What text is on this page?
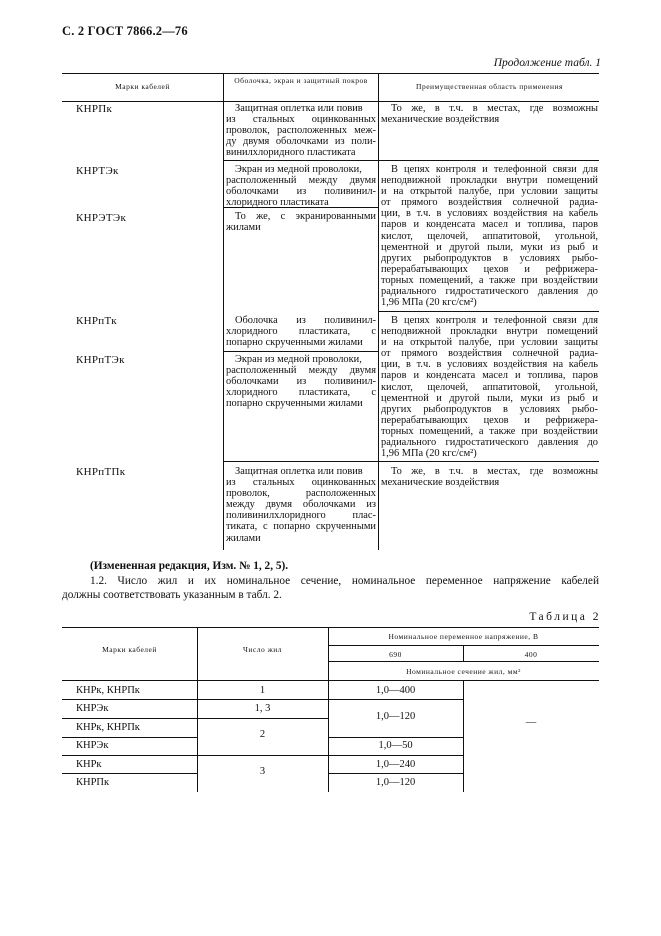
С. 2 ГОСТ 7866.2—76
Продолжение табл. 1
Марки кабелей
Оболочка, экран и защитный покров
Преимущественная область применения
КНРПк
КНРТЭк
КНРЭТЭк
КНРпТк
КНРпТЭк
КНРпТПк
Защитная оплетка или повив
из стальных оцинкованных
проволок, расположенных меж-
ду двумя оболочками из поли-
винилхлоридного пластиката
Экран из медной проволоки,
расположенный между двумя
оболочками из поливинил-
хлоридного пластиката
То же, с экранированными
жилами
Оболочка из поливинил-
хлоридного пластиката, с
попарно скрученными жилами
Экран из медной проволоки,
расположенный между двумя
оболочками из поливинил-
хлоридного пластиката, с
попарно скрученными жилами
Защитная оплетка или повив
из стальных оцинкованных
проволок, расположенных
между двумя оболочками из
поливинилхлоридного плас-
тиката, с попарно скрученными
жилами
То же, в т.ч. в местах, где возможны
механические воздействия
В цепях контроля и телефонной связи для
неподвижной прокладки внутри помещений
и на открытой палубе, при условии защиты
от прямого воздействия солнечной радиа-
ции, в т.ч. в условиях воздействия на кабель
паров и конденсата масел и топлива, паров
кислот, щелочей, аппатитовой, угольной,
цементной и другой пыли, муки из рыб и
других рыбопродуктов в условиях рыбо-
перерабатывающих цехов и рефрижера-
торных помещений, а также при воздействии
радиального гидростатического давления до
1,96 МПа (20 кгс/см²)
В цепях контроля и телефонной связи для
неподвижной прокладки внутри помещений
и на открытой палубе, при условии защиты
от прямого воздействия солнечной радиа-
ции, в т.ч. в условиях воздействия на кабель
паров и конденсата масел и топлива, паров
кислот, щелочей, аппатитовой, угольной,
цементной и другой пыли, муки из рыб и
других рыбопродуктов в условиях рыбо-
перерабатывающих цехов и рефрижера-
торных помещений, а также при воздействии
радиального гидростатического давления до
1,96 МПа (20 кгс/см²)
То же, в т.ч. в местах, где возможны
механические воздействия
(Измененная редакция, Изм. № 1, 2, 5).
1.2. Число жил и их номинальное сечение, номинальное переменное напряжение кабелей
должны соответствовать указанным в табл. 2.
Таблица 2
Марки кабелей	Число жил
Номинальное переменное напряжение, В
690	400
Номинальное сечение жил, мм²
КНРк, КНРПк
КНРЭк
КНРк, КНРПк
КНРЭк
КНРк
КНРПк
1
1, 3
2
3
1,0—400
1,0—120
1,0—50
1,0—240
1,0—120
—
